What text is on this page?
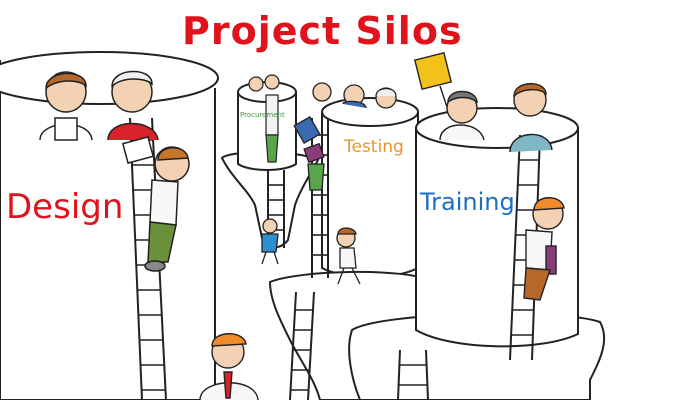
Project Silos
Design
Testing
Training
Procurement
